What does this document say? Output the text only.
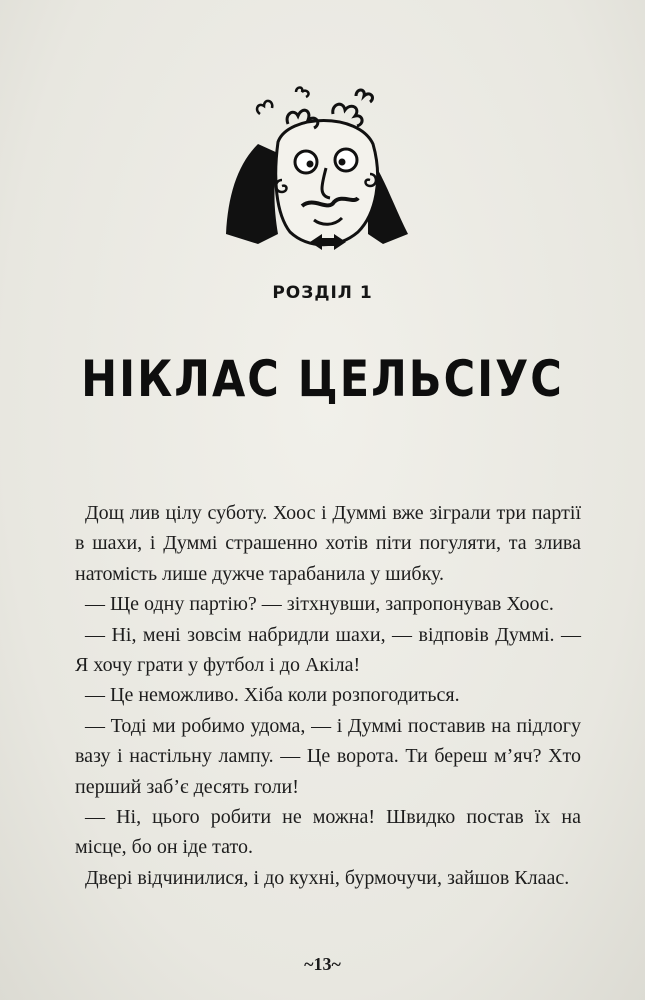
РОЗДІЛ 1
НІКЛАС ЦЕЛЬСІУС

Дощ лив цілу суботу. Хоос і Думмі вже зіграли три партії в шахи, і Думмі страшенно хотів піти погуляти, та злива натомість лише дужче тарабанила у шибку.

— Ще одну партію? — зітхнувши, запропонував Хоос.

— Ні, мені зовсім набридли шахи, — відповів Думмі. — Я хочу грати у футбол і до Акіла!

— Це неможливо. Хіба коли розпогодиться.

— Тоді ми робимо удома, — і Думмі поставив на підлогу вазу і настільну лампу. — Це ворота. Ти береш м’яч? Хто перший заб’є десять голи!

— Ні, цього робити не можна! Швидко постав їх на місце, бо он іде тато.

Двері відчинилися, і до кухні, бурмочучи, зайшов Клаас.

~13~
